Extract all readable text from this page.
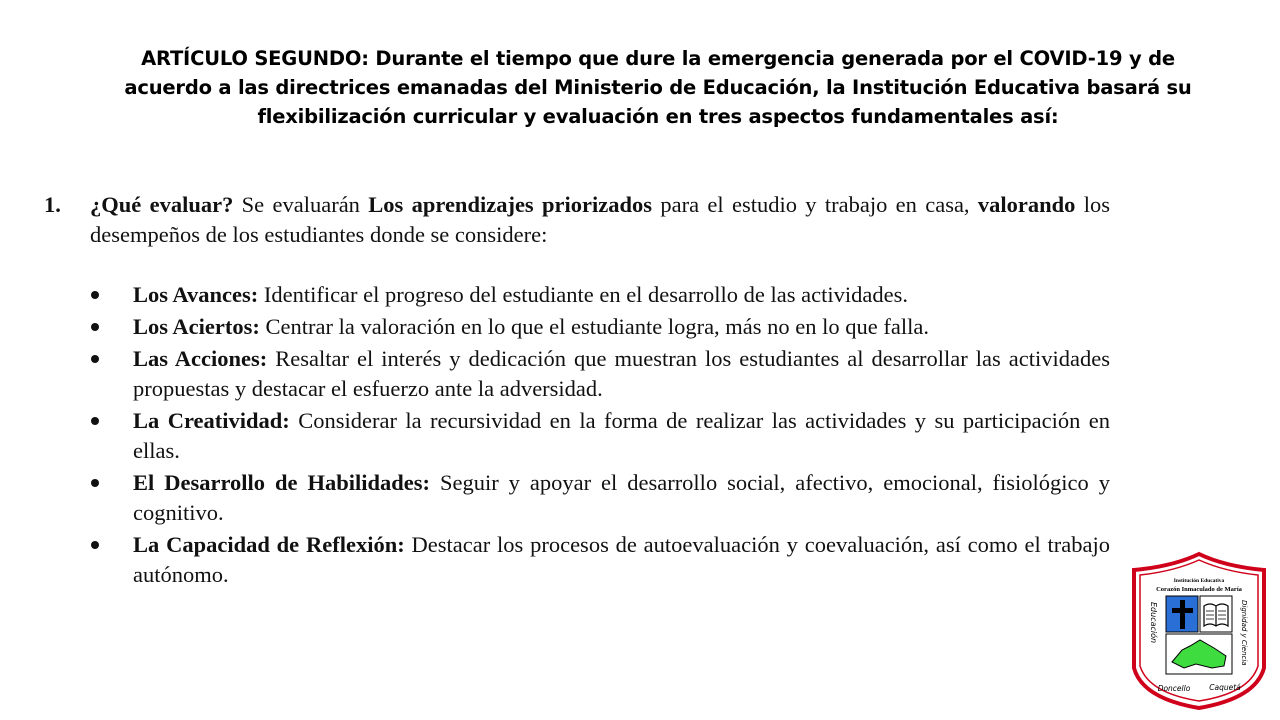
ARTÍCULO SEGUNDO: Durante el tiempo que dure la emergencia generada por el COVID-19 y de acuerdo a las directrices emanadas del Ministerio de Educación, la Institución Educativa basará su flexibilización curricular y evaluación en tres aspectos fundamentales así:
1.	¿Qué evaluar? Se evaluarán Los aprendizajes priorizados para el estudio y trabajo en casa, valorando los desempeños de los estudiantes donde se considere:
Los Avances: Identificar el progreso del estudiante en el desarrollo de las actividades.
Los Aciertos: Centrar la valoración en lo que el estudiante logra, más no en lo que falla.
Las Acciones: Resaltar el interés y dedicación que muestran los estudiantes al desarrollar las actividades propuestas y destacar el esfuerzo ante la adversidad.
La Creatividad: Considerar la recursividad en la forma de realizar las actividades y su participación en ellas.
El Desarrollo de Habilidades: Seguir y apoyar el desarrollo social, afectivo, emocional, fisiológico y cognitivo.
La Capacidad de Reflexión: Destacar los procesos de autoevaluación y coevaluación, así como el trabajo autónomo.	Institución Educativa
Corazón Inmaculado de María
Educación	Dignidad y Ciencia
Doncello	Caquetá
